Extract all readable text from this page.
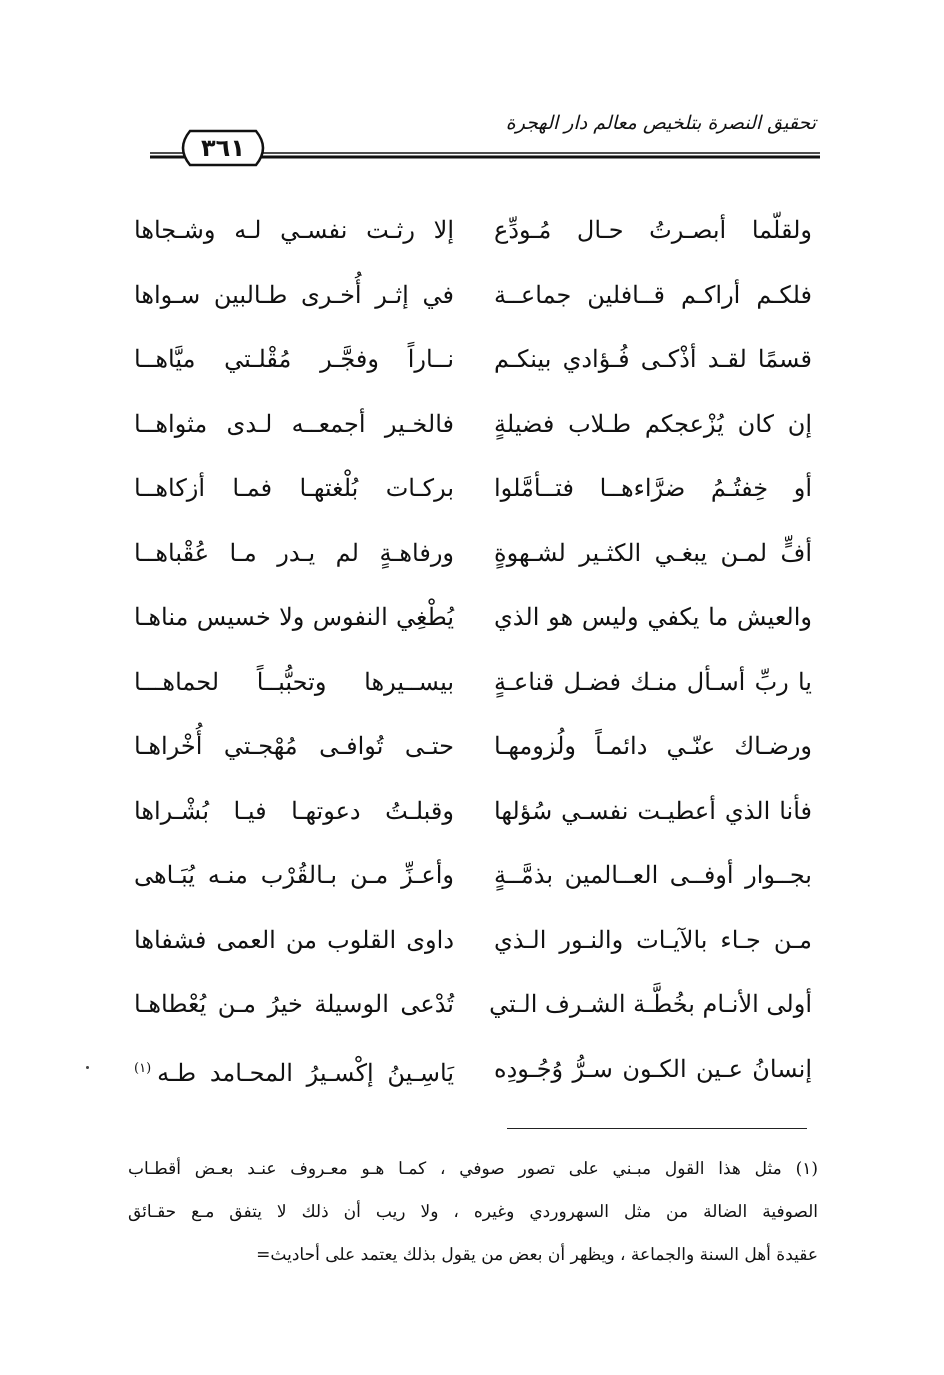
تحقيق النصرة بتلخيص معالم دار الهجرة
٣٦١
ولقلّما أبصـرتُ حـال مُـودِّع
إلا رثـت نفسـي لـه وشـجاها
فلكـم أراكـم قــافلين جماعــة
في إثـر أُخـرى طـالبين سـواها
قسمًا لقـد أذْكـى فُـؤادي بينكـم
نــاراً وفجَّـر مُقْلـتي ميَّاهــا
إن كان يُزْعجكم طـلاب فضيلةٍ
فالخـير أجمعــه لـدى مثواهــا
أو خِفتُـمُ ضرَّاءهــا فتــأمَّلوا
بركـات بُلْغتهـا فمـا أزكاهــا
أفٍّ لمـن يبغـي الكثـير لشـهوةٍ
ورفاهـةٍ لم يـدر مـا عُقْباهــا
والعيش ما يكفي وليس هو الذي
يُطْغِي النفوس ولا خسيس مناهـا
يا ربِّ أسـأل منـك فضـل قناعـةٍ
بيســيرها وتحبُّبــاً لحماهـــا
ورضـاك عنّـي دائمـاً ولُزومهـا
حتـى تُوافـى مُهْجـتي أُخْراهـا
فأنا الذي أعطيـت نفسـي سُؤلها
وقبلـتُ دعوتهـا فيـا بُشْـراها
بجــوار أوفــى العــالمين بذمَّــةٍ
وأعـزِّ مـن بـالقُرْب منـه يُبَـاهى
مـن جـاء بالآيـات والنـور الـذي
داوى القلوب من العمى فشفاها
أولى الأنـام بخُطَّـة الشـرف الـتي
تُدْعى الوسيلة خيرُ مـن يُعْطاهـا
إنسانُ عـين الكـون سـرُّ وُجُـودِه
يَاسِـينُ إكْسـيرُ المحـامد طـه$^{(١)}$
(١) مثل هذا القول مبـني على تصور صوفي ، كمـا هـو معـروف عنـد بعـض أقطـاب
الصوفية الضالة من مثل السهروردي وغيره ، ولا ريب أن ذلك لا يتفق مـع حقـائق
عقيدة أهل السنة والجماعة ، ويظهر أن بعض من يقول بذلك يعتمد على أحاديث=
